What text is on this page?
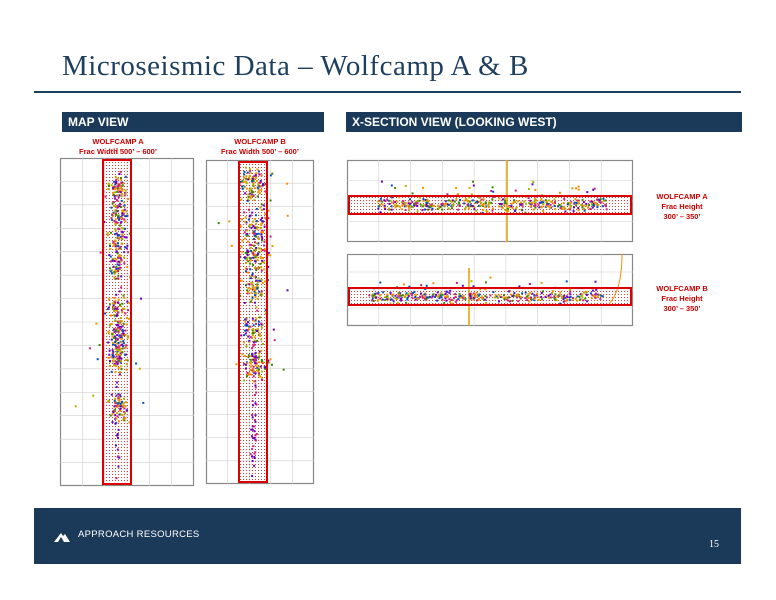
Microseismic Data – Wolfcamp A & B
MAP VIEW	X-SECTION VIEW (LOOKING WEST)
WOLFCAMP A
Frac Width 500’ – 600’
WOLFCAMP B
Frac Width 500’ – 600’
WOLFCAMP A
Frac Height
300’ – 350’
WOLFCAMP B
Frac Height
300’ – 350’
APPROACH RESOURCES
15
